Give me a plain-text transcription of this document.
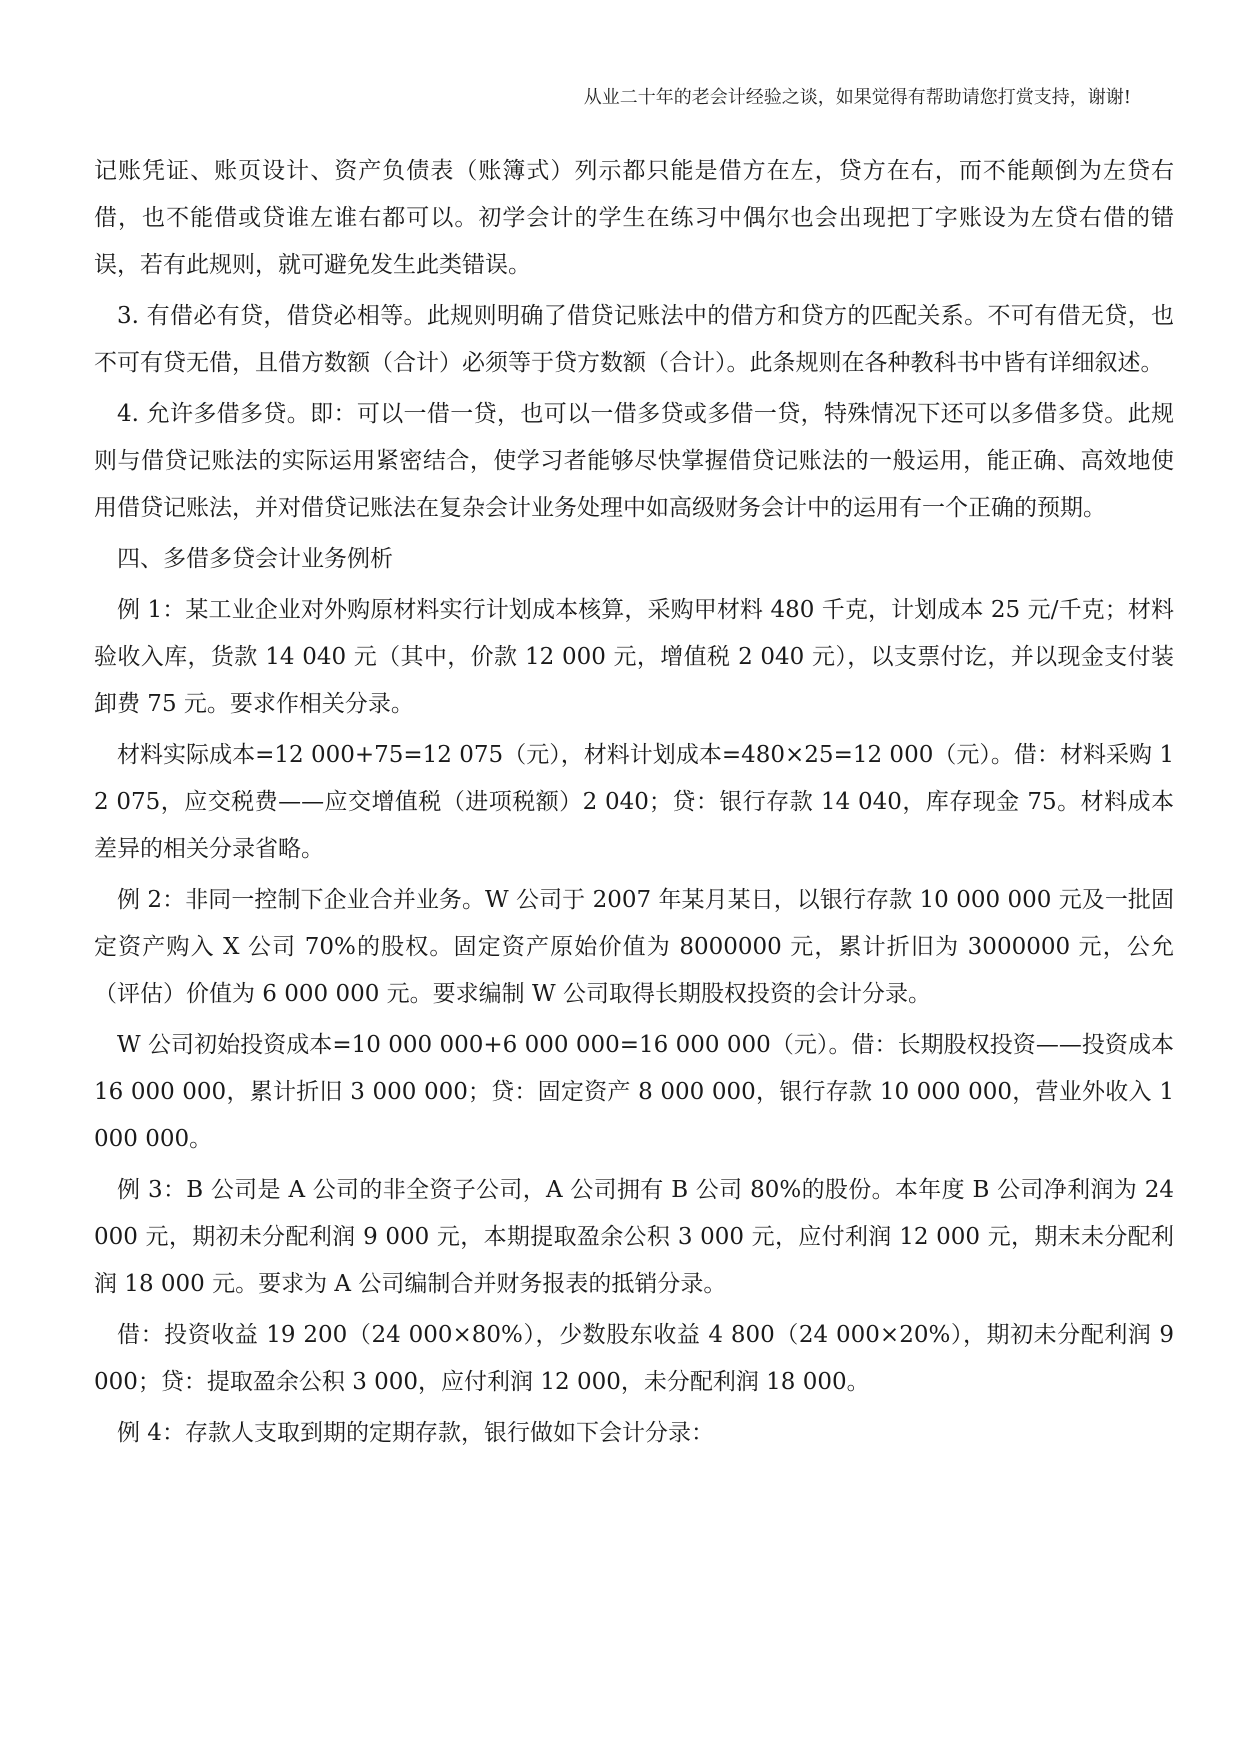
从业二十年的老会计经验之谈，如果觉得有帮助请您打赏支持，谢谢!

记账凭证、账页设计、资产负债表（账簿式）列示都只能是借方在左，贷方在右，而不能颠倒为左贷右借，也不能借或贷谁左谁右都可以。初学会计的学生在练习中偶尔也会出现把丁字账设为左贷右借的错误，若有此规则，就可避免发生此类错误。

3. 有借必有贷，借贷必相等。此规则明确了借贷记账法中的借方和贷方的匹配关系。不可有借无贷，也不可有贷无借，且借方数额（合计）必须等于贷方数额（合计）。此条规则在各种教科书中皆有详细叙述。

4. 允许多借多贷。即：可以一借一贷，也可以一借多贷或多借一贷，特殊情况下还可以多借多贷。此规则与借贷记账法的实际运用紧密结合，使学习者能够尽快掌握借贷记账法的一般运用，能正确、高效地使用借贷记账法，并对借贷记账法在复杂会计业务处理中如高级财务会计中的运用有一个正确的预期。

四、多借多贷会计业务例析

例 1：某工业企业对外购原材料实行计划成本核算，采购甲材料 480 千克，计划成本 25 元/千克；材料验收入库，货款 14 040 元（其中，价款 12 000 元，增值税 2 040 元），以支票付讫，并以现金支付装卸费 75 元。要求作相关分录。

材料实际成本=12 000+75=12 075（元），材料计划成本=480×25=12 000（元）。借：材料采购 12 075，应交税费——应交增值税（进项税额）2 040；贷：银行存款 14 040，库存现金 75。材料成本差异的相关分录省略。

例 2：非同一控制下企业合并业务。W 公司于 2007 年某月某日，以银行存款 10 000 000 元及一批固定资产购入 X 公司 70%的股权。固定资产原始价值为 8000000 元，累计折旧为 3000000 元，公允（评估）价值为 6 000 000 元。要求编制 W 公司取得长期股权投资的会计分录。

W 公司初始投资成本=10 000 000+6 000 000=16 000 000（元）。借：长期股权投资——投资成本 16 000 000，累计折旧 3 000 000；贷：固定资产 8 000 000，银行存款 10 000 000，营业外收入 1 000 000。

例 3：B 公司是 A 公司的非全资子公司，A 公司拥有 B 公司 80%的股份。本年度 B 公司净利润为 24 000 元，期初未分配利润 9 000 元，本期提取盈余公积 3 000 元，应付利润 12 000 元，期末未分配利润 18 000 元。要求为 A 公司编制合并财务报表的抵销分录。

借：投资收益 19 200（24 000×80%），少数股东收益 4 800（24 000×20%），期初未分配利润 9 000；贷：提取盈余公积 3 000，应付利润 12 000，未分配利润 18 000。

例 4：存款人支取到期的定期存款，银行做如下会计分录：
